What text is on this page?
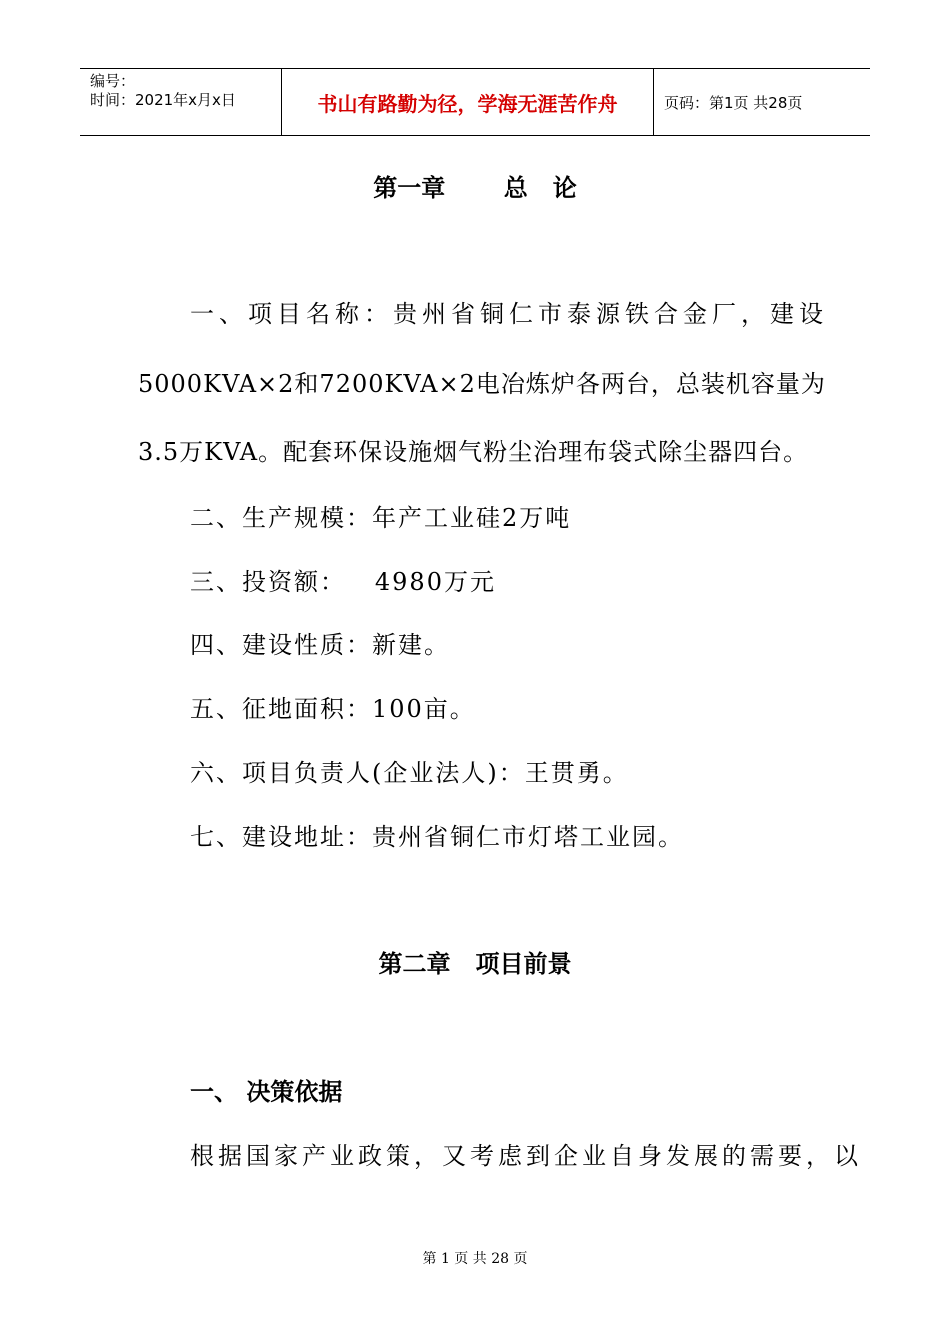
编号：
时间：2021年x月x日	书山有路勤为径，学海无涯苦作舟	页码：第1页 共28页
第一章       总   论
一、项目名称：贵州省铜仁市泰源铁合金厂，建设
5000KVA×2和7200KVA×2电冶炼炉各两台，总装机容量为
3.5万KVA。配套环保设施烟气粉尘治理布袋式除尘器四台。
二、生产规模：年产工业硅2万吨
三、投资额：   4980万元
四、建设性质：新建。
五、征地面积：100亩。
六、项目负责人(企业法人)：王贯勇。
七、建设地址：贵州省铜仁市灯塔工业园。
第二章   项目前景
一、 决策依据
根据国家产业政策，又考虑到企业自身发展的需要，以
第 1 页 共 28 页
